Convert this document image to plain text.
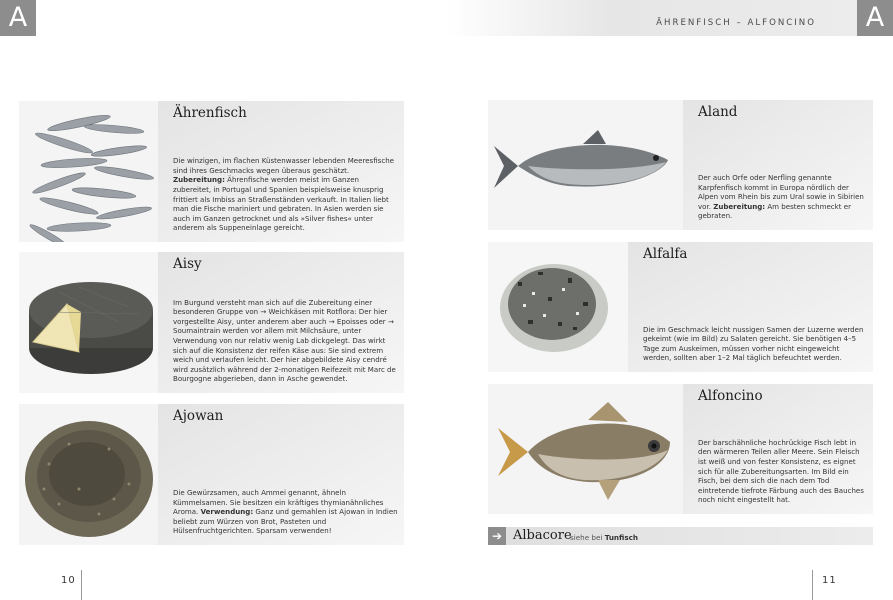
A	ÄHRENFISCH – ALFONCINO	A
Ährenfisch
Die winzigen, im flachen Küstenwasser lebenden Meeresfische sind ihres Geschmacks wegen überaus geschätzt. Zubereitung: Ährenfische werden meist im Ganzen zubereitet, in Portugal und Spanien beispielsweise knusprig frittiert als Imbiss an Straßenständen verkauft. In Italien liebt man die Fische mariniert und gebraten. In Asien werden sie auch im Ganzen getrocknet und als »Silver fishes« unter anderem als Suppeneinlage gereicht.
Aisy
Im Burgund versteht man sich auf die Zubereitung einer besonderen Gruppe von → Weichkäsen mit Rotflora: Der hier vorgestellte Aisy, unter anderem aber auch → Epoisses oder → Soumaintrain werden vor allem mit Milchsäure, unter Verwendung von nur relativ wenig Lab dickgelegt. Das wirkt sich auf die Konsistenz der reifen Käse aus: Sie sind extrem weich und verlaufen leicht. Der hier abgebildete Aisy cendré wird zusätzlich während der 2-monatigen Reifezeit mit Marc de Bourgogne abgerieben, dann in Asche gewendet.
Ajowan
Die Gewürzsamen, auch Ammei genannt, ähneln Kümmelsamen. Sie besitzen ein kräftiges thymianähnliches Aroma. Verwendung: Ganz und gemahlen ist Ajowan in Indien beliebt zum Würzen von Brot, Pasteten und Hülsenfruchtgerichten. Sparsam verwenden!
Aland
Der auch Orfe oder Nerfling genannte Karpfenfisch kommt in Europa nördlich der Alpen vom Rhein bis zum Ural sowie in Sibirien vor. Zubereitung: Am besten schmeckt er gebraten.
Alfalfa
Die im Geschmack leicht nussigen Samen der Luzerne werden gekeimt (wie im Bild) zu Salaten gereicht. Sie benötigen 4–5 Tage zum Auskeimen, müssen vorher nicht eingeweicht werden, sollten aber 1–2 Mal täglich befeuchtet werden.
Alfoncino
Der barschähnliche hochrückige Fisch lebt in den wärmeren Teilen aller Meere. Sein Fleisch ist weiß und von fester Konsistenz, es eignet sich für alle Zubereitungsarten. Im Bild ein Fisch, bei dem sich die nach dem Tod eintretende tiefrote Färbung auch des Bauches noch nicht eingestellt hat.
➔ Albacore
siehe bei Tunfisch
10	11
